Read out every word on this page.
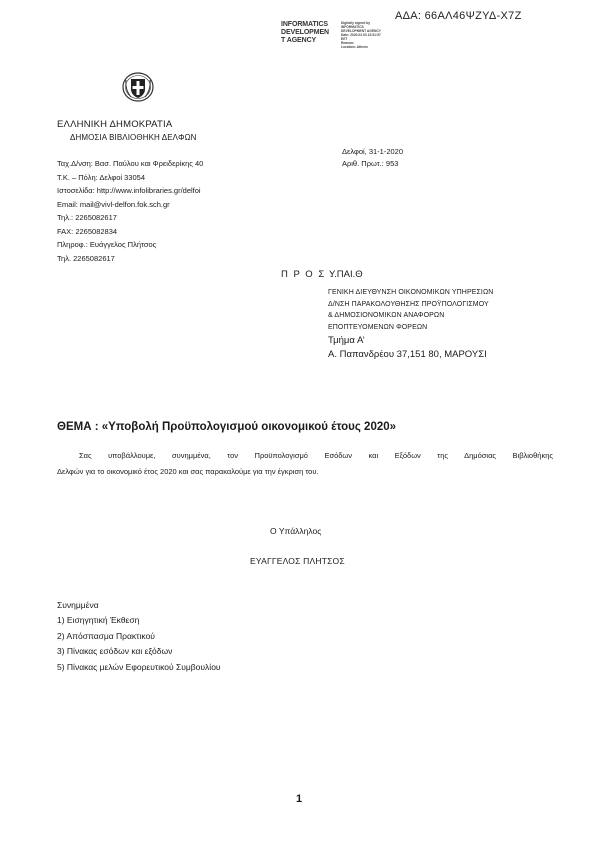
ΑΔΑ: 66ΑΛ46ΨΖΥΔ-Χ7Ζ
INFORMATICS
DEVELOPMEN
T AGENCY
Digitally signed by
INFORMATICS
DEVELOPMENT AGENCY
Date: 2020.02.03 13:51:57
EET
Reason:
Location: Athens
ΕΛΛΗΝΙΚΗ ΔΗΜΟΚΡΑΤΙΑ
ΔΗΜΟΣΙΑ ΒΙΒΛΙΟΘΗΚΗ ΔΕΛΦΩΝ
Δελφοί, 31-1-2020
Αριθ. Πρωτ.: 953
Ταχ.Δ/νση: Βασ. Παύλου και Φρειδερίκης 40
Τ.Κ. – Πόλη: Δελφοί 33054
Ιστοσελίδα: http://www.infolibraries.gr/delfoi
Email: mail@vivl-delfon.fok.sch.gr
Τηλ.: 2265082617
FAX: 2265082834
Πληροφ.: Ευάγγελος Πλήτσος
Τηλ. 2265082617
Π Ρ Ο Σ :
Υ.ΠΑΙ.Θ
ΓΕΝΙΚΗ ΔΙΕΥΘΥΝΣΗ ΟΙΚΟΝΟΜΙΚΩΝ ΥΠΗΡΕΣΙΩΝ
Δ/ΝΣΗ ΠΑΡΑΚΟΛΟΥΘΗΣΗΣ ΠΡΟΫΠΟΛΟΓΙΣΜΟΥ
& ΔΗΜΟΣΙΟΝΟΜΙΚΩΝ ΑΝΑΦΟΡΩΝ
ΕΠΟΠΤΕΥΟΜΕΝΩΝ ΦΟΡΕΩΝ
Τμήμα Α’
Α. Παπανδρέου 37,151 80, ΜΑΡΟΥΣΙ
ΘΕΜΑ : «Υποβολή Προϋπολογισμού οικονομικού έτους 2020»
Σας υποβάλλουμε, συνημμένα, τον Προϋπολογισμό Εσόδων και Εξόδων της Δημόσιας Βιβλιοθήκης
Δελφών για το οικονομικό έτος 2020 και σας παρακαλούμε για την έγκριση του.
Ο Υπάλληλος
ΕΥΑΓΓΕΛΟΣ ΠΛΗΤΣΟΣ
Συνημμένα
1) Εισηγητική Έκθεση
2) Απόσπασμα Πρακτικού
3) Πίνακας εσόδων και εξόδων
5) Πίνακας μελών Εφορευτικού Συμβουλίου
1
